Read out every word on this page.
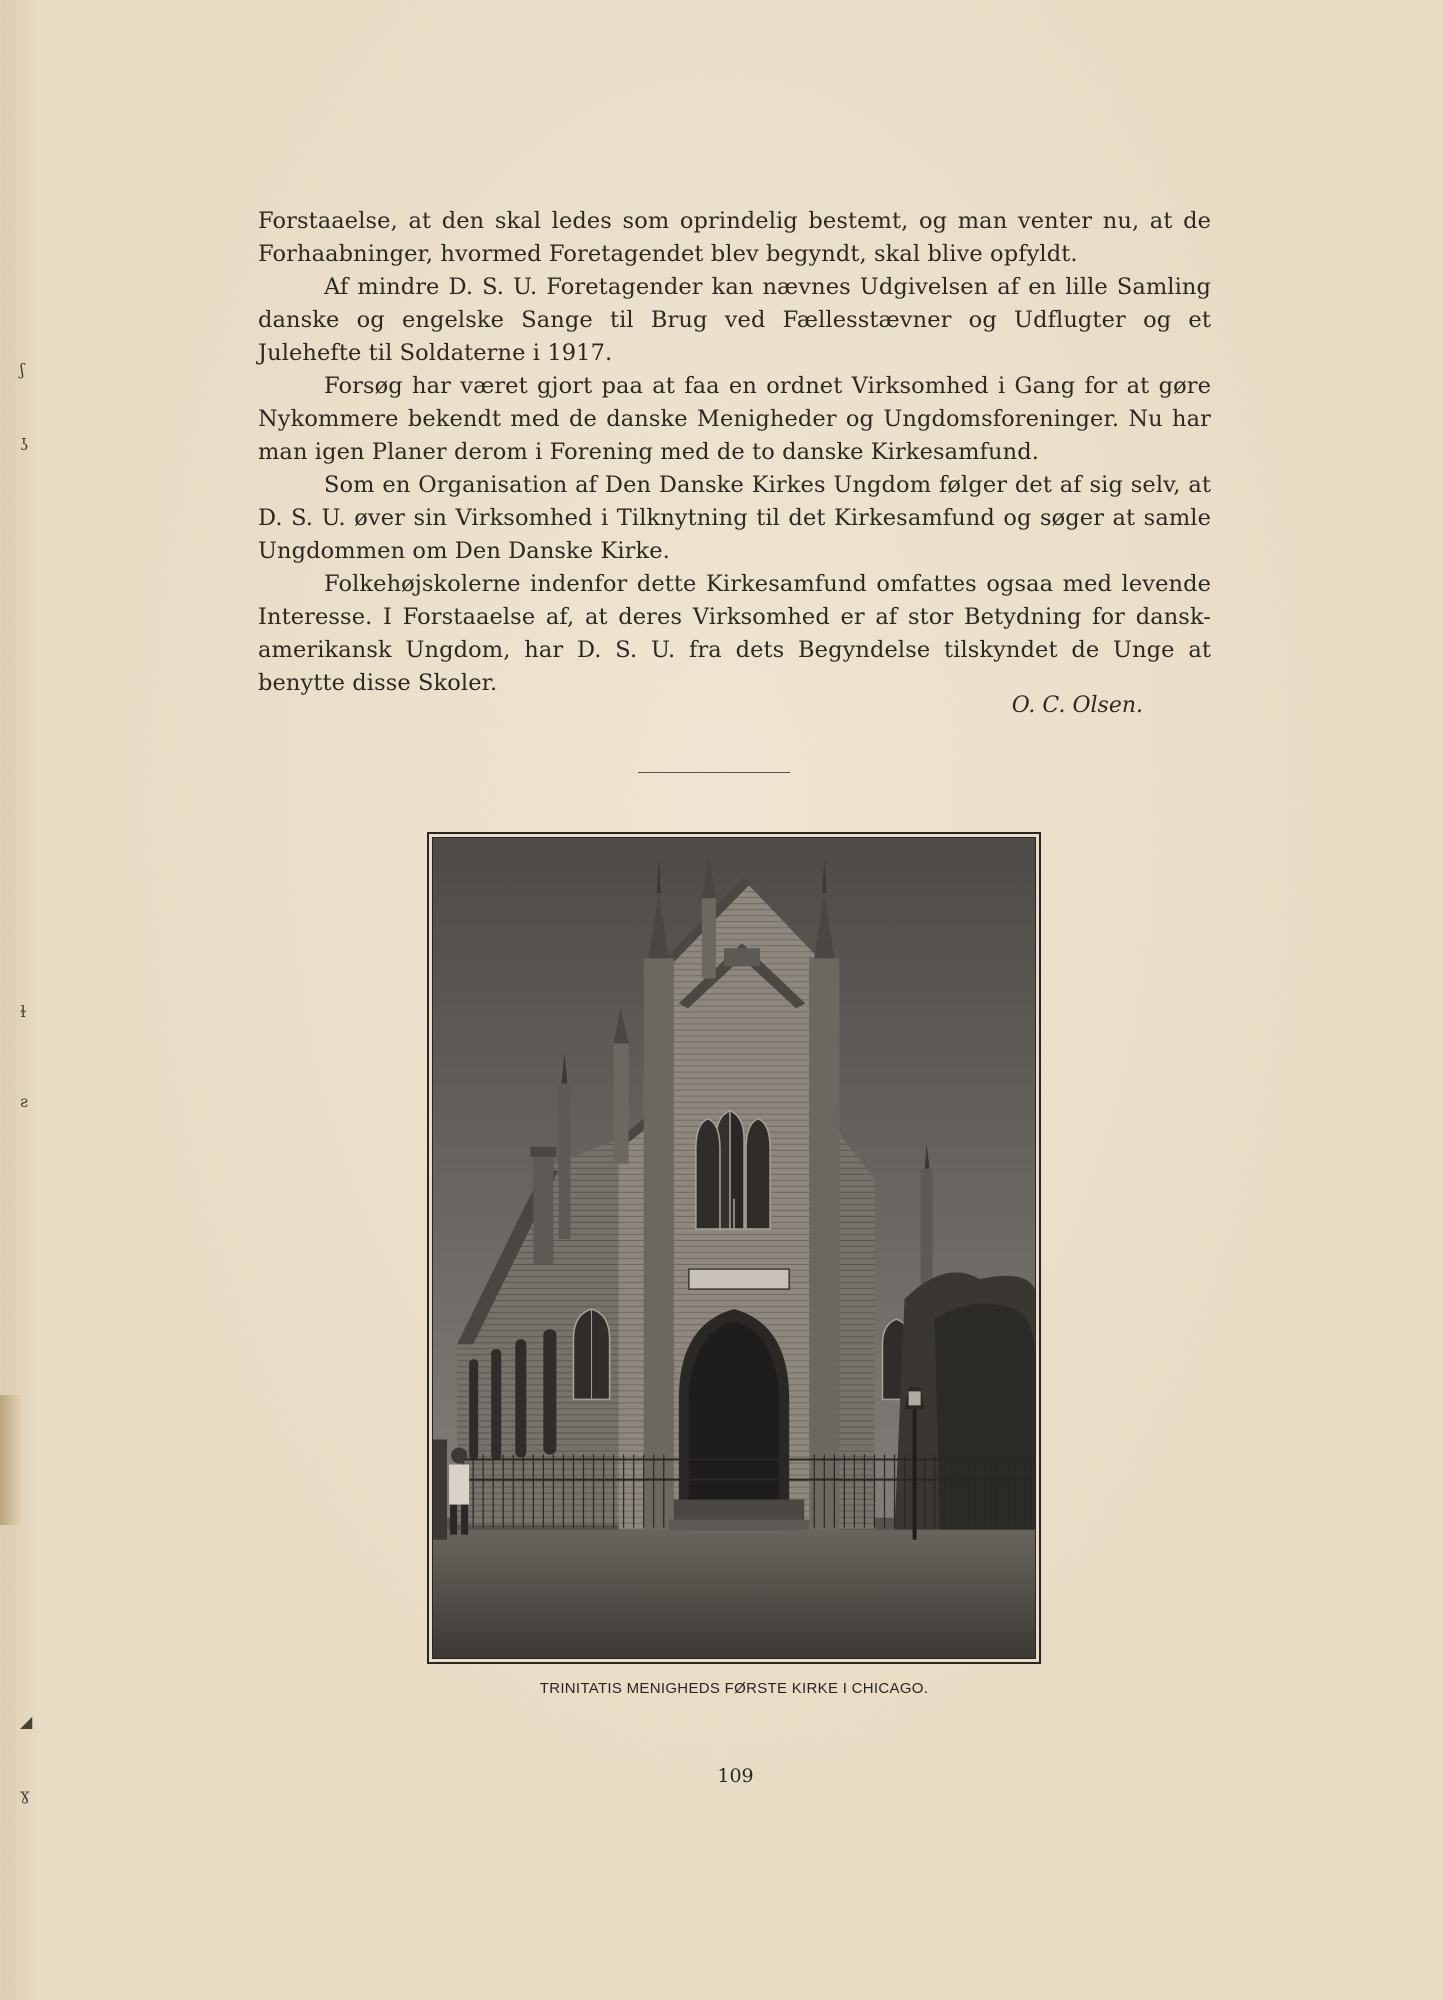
ʃ
ʖ
ɫ
ƨ
◢
ɣ

Forstaaelse, at den skal ledes som oprindelig bestemt, og man venter nu, at de Forhaabninger, hvormed Foretagendet blev begyndt, skal blive opfyldt.

Af mindre D. S. U. Foretagender kan nævnes Udgivelsen af en lille Samling danske og engelske Sange til Brug ved Fællesstævner og Udflugter og et Julehefte til Soldaterne i 1917.

Forsøg har været gjort paa at faa en ordnet Virksomhed i Gang for at gøre Nykommere bekendt med de danske Menigheder og Ungdomsforeninger. Nu har man igen Planer derom i Forening med de to danske Kirkesamfund.

Som en Organisation af Den Danske Kirkes Ungdom følger det af sig selv, at D. S. U. øver sin Virksomhed i Tilknytning til det Kirkesamfund og søger at samle Ungdommen om Den Danske Kirke.

Folkehøjskolerne indenfor dette Kirkesamfund omfattes ogsaa med levende Interesse. I Forstaaelse af, at deres Virksomhed er af stor Betydning for dansk-amerikansk Ungdom, har D. S. U. fra dets Begyndelse tilskyndet de Unge at benytte disse Skoler.

O. C. Olsen.
TRINITATIS MENIGHEDS FØRSTE KIRKE I CHICAGO.
109
